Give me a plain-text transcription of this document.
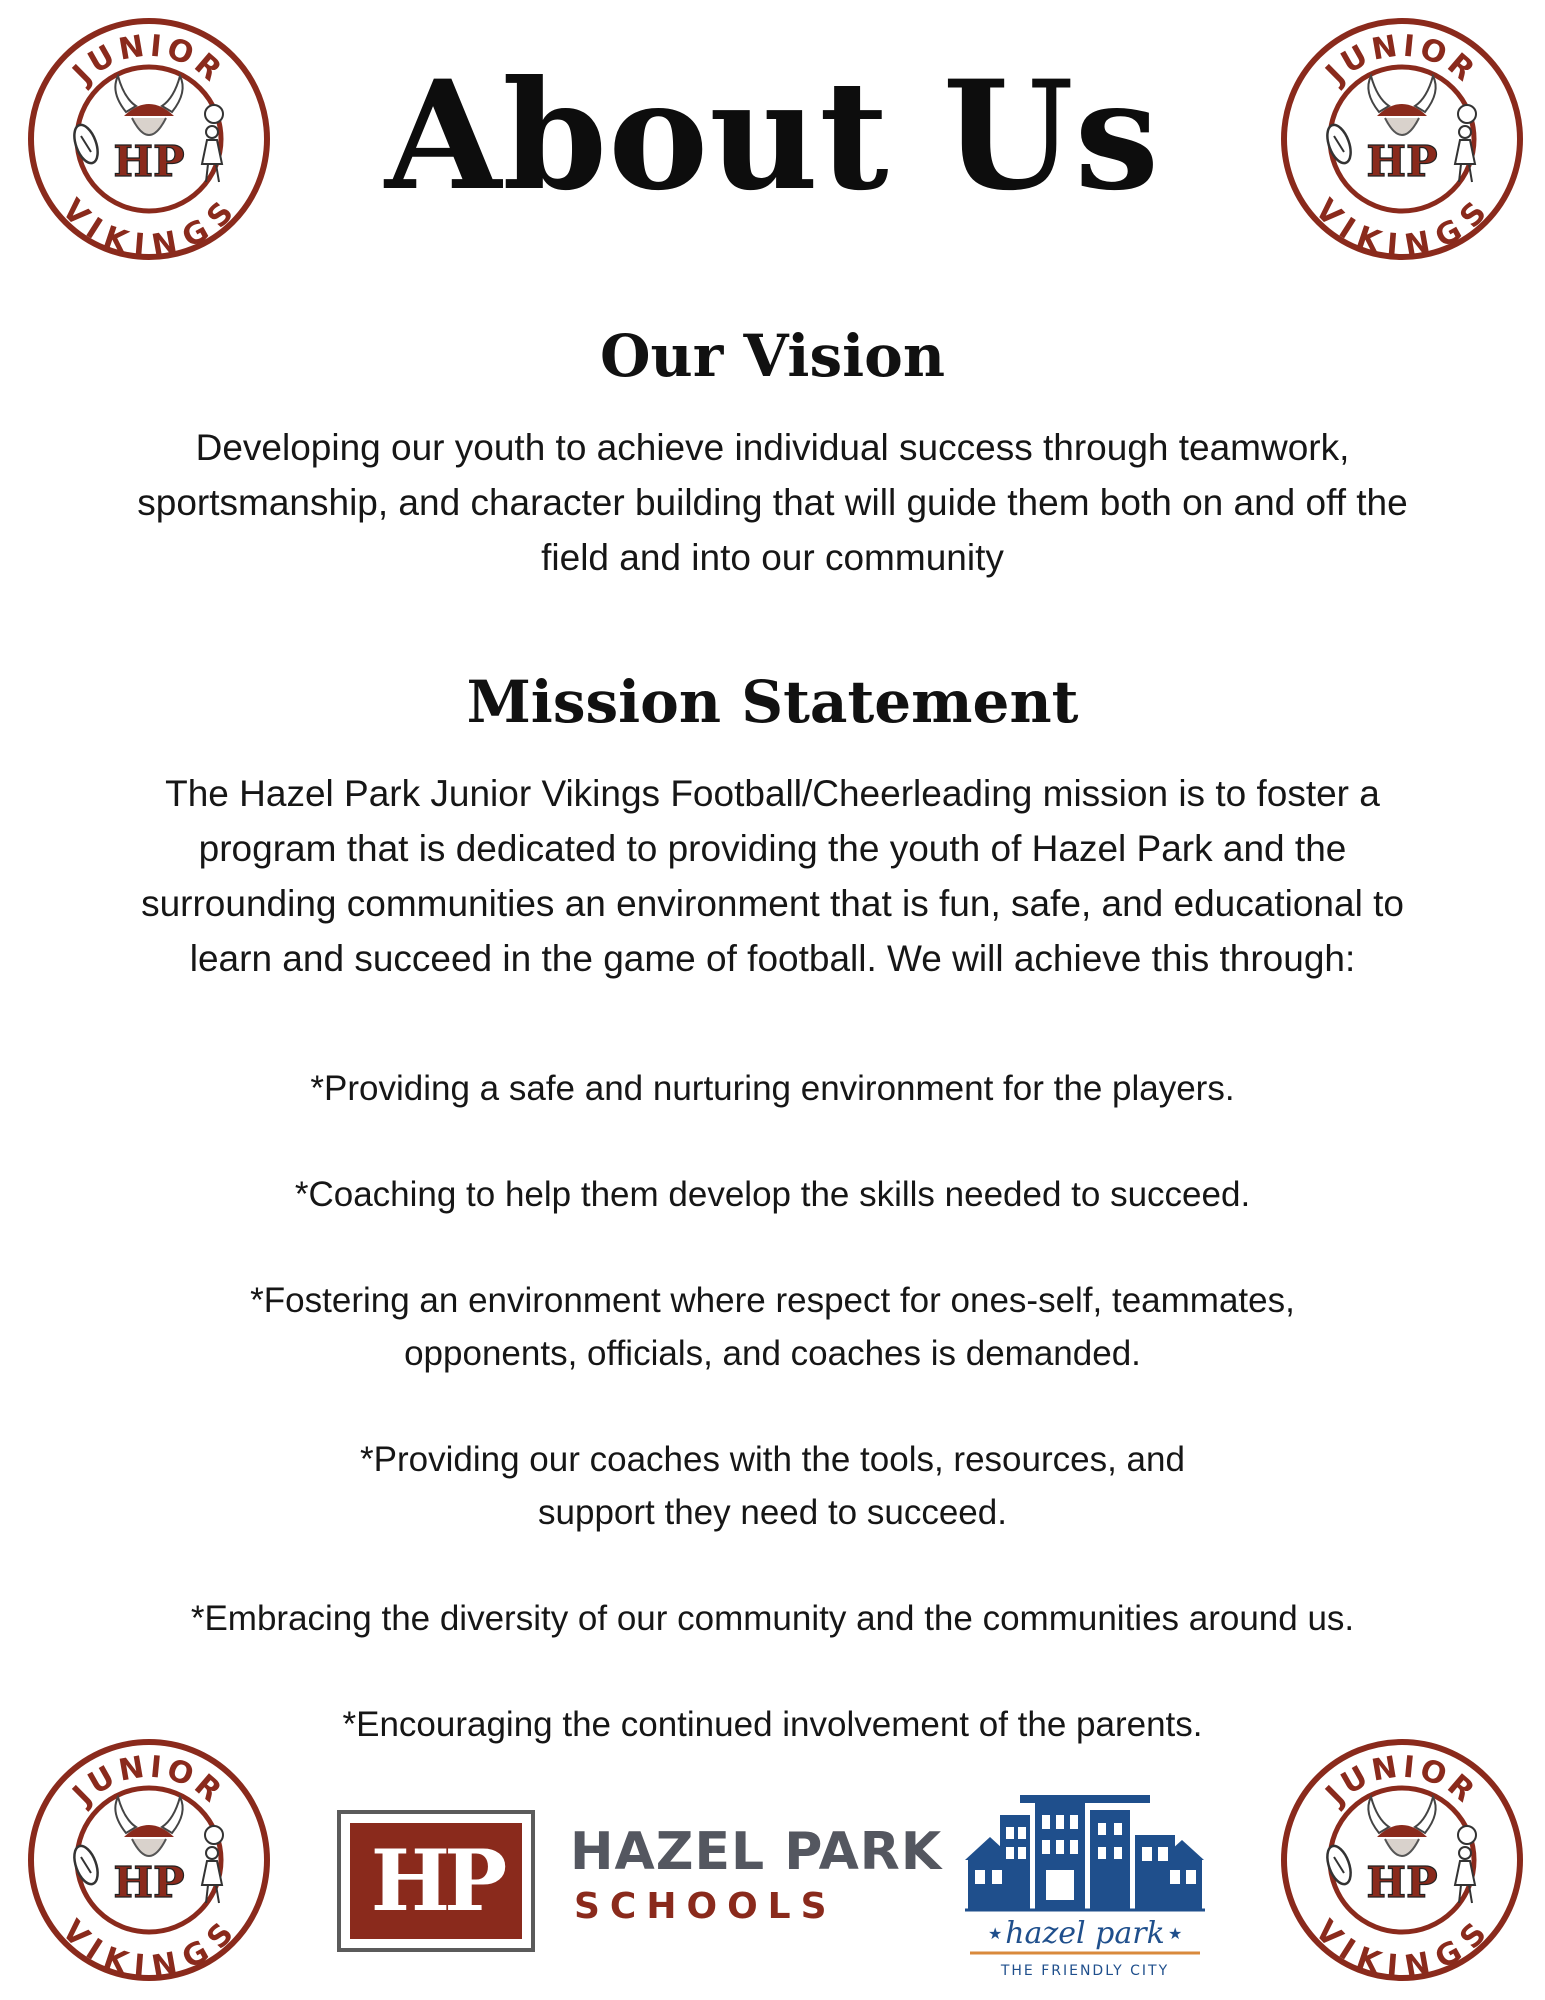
JUNIOR
VIKINGS
JUNIOR
VIKINGS
About Us
Our Vision

Developing our youth to achieve individual success through teamwork, sportsmanship, and character building that will guide them both on and off the field and into our community

Mission Statement

The Hazel Park Junior Vikings Football/Cheerleading mission is to foster a program that is dedicated to providing the youth of Hazel Park and the surrounding communities an environment that is fun, safe, and educational to learn and succeed in the game of football. We will achieve this through:

*Providing a safe and nurturing environment for the players.
*Coaching to help them develop the skills needed to succeed.
*Fostering an environment where respect for ones-self, teammates,
opponents, officials, and coaches is demanded.
*Providing our coaches with the tools, resources, and
support they need to succeed.
*Embracing the diversity of our community and the communities around us.
*Encouraging the continued involvement of the parents.
JUNIOR
VIKINGS
JUNIOR
VIKINGS
HP HAZEL PARK

SCHOOLS

hazel park
★	★
THE FRIENDLY CITY
